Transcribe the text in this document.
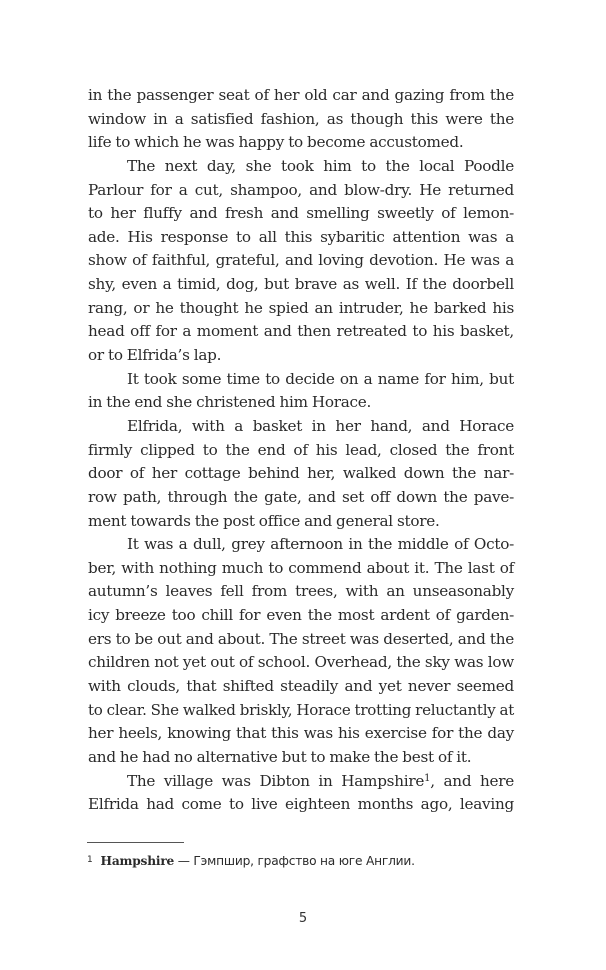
in the passenger seat of her old car and gazing from the
window in a satisfied fashion, as though this were the
life to which he was happy to become accustomed.
The next day, she took him to the local Poodle
Parlour for a cut, shampoo, and blow-dry. He returned
to her fluffy and fresh and smelling sweetly of lemon-
ade. His response to all this sybaritic attention was a
show of faithful, grateful, and loving devotion. He was a
shy, even a timid, dog, but brave as well. If the doorbell
rang, or he thought he spied an intruder, he barked his
head off for a moment and then retreated to his basket,
or to Elfrida’s lap.
It took some time to decide on a name for him, but
in the end she christened him Horace.
Elfrida, with a basket in her hand, and Horace
firmly clipped to the end of his lead, closed the front
door of her cottage behind her, walked down the nar-
row path, through the gate, and set off down the pave-
ment towards the post office and general store.
It was a dull, grey afternoon in the middle of Octo-
ber, with nothing much to commend about it. The last of
autumn’s leaves fell from trees, with an unseasonably
icy breeze too chill for even the most ardent of garden-
ers to be out and about. The street was deserted, and the
children not yet out of school. Overhead, the sky was low
with clouds, that shifted steadily and yet never seemed
to clear. She walked briskly, Horace trotting reluctantly at
her heels, knowing that this was his exercise for the day
and he had no alternative but to make the best of it.
The village was Dibton in Hampshire$^1$, and here
Elfrida had come to live eighteen months ago, leaving
$^1$ Hampshire — Гэмпшир, графство на юге Англии.
5
